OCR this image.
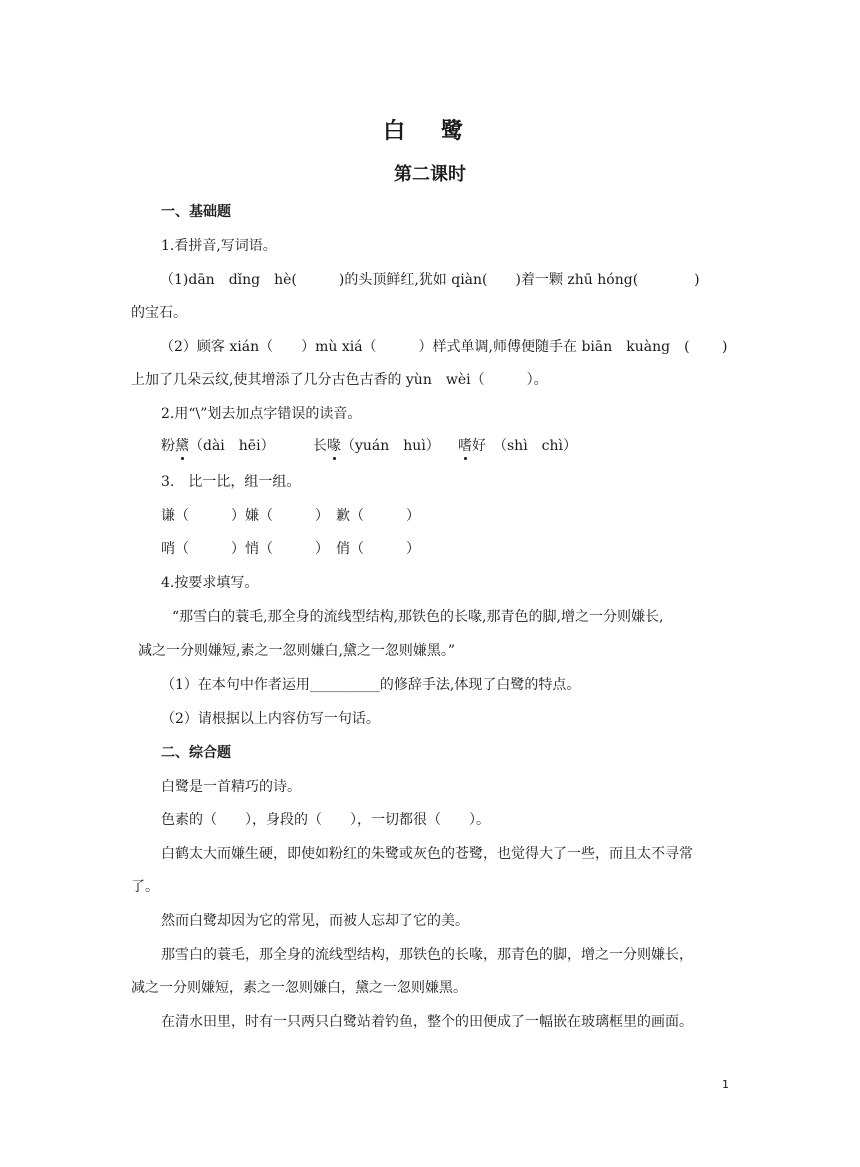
白 鹭
第二课时
一、基础题
1.看拼音,写词语。
（1)dān　dǐng　hè(　　　)的头顶鲜红,犹如 qiàn(　　)着一颗 zhū hóng(　　　　)
的宝石。
（2）顾客 xián（　　）mù xiá（　　　）样式单调,师傅便随手在 biān　kuàng　(　　 )
上加了几朵云纹,使其增添了几分古色古香的 yùn　wèi（　　　）。
2.用“\”划去加点字错误的读音。
粉黛（dài　hēi）	长喙（yuán　huì） 嗜好　（shì　chì）
3.　比一比，组一组。
谦（　　　）嫌（　　　）　歉（　　　）
哨（　　　）悄（　　　）　俏（　　　）
4.按要求填写。
“那雪白的蓑毛,那全身的流线型结构,那铁色的长喙,那青色的脚,增之一分则嫌长,
减之一分则嫌短,素之一忽则嫌白,黛之一忽则嫌黑。”
（1）在本句中作者运用__________的修辞手法,体现了白鹭的特点。
（2）请根据以上内容仿写一句话。
二、综合题
白鹭是一首精巧的诗。
色素的（　　），身段的（　　），一切都很（　　）。
白鹤太大而嫌生硬，即使如粉红的朱鹭或灰色的苍鹭，也觉得大了一些，而且太不寻常
了。
然而白鹭却因为它的常见，而被人忘却了它的美。
那雪白的蓑毛，那全身的流线型结构，那铁色的长喙，那青色的脚，增之一分则嫌长，
减之一分则嫌短，素之一忽则嫌白，黛之一忽则嫌黑。
在清水田里，时有一只两只白鹭站着钓鱼，整个的田便成了一幅嵌在玻璃框里的画面。
1
